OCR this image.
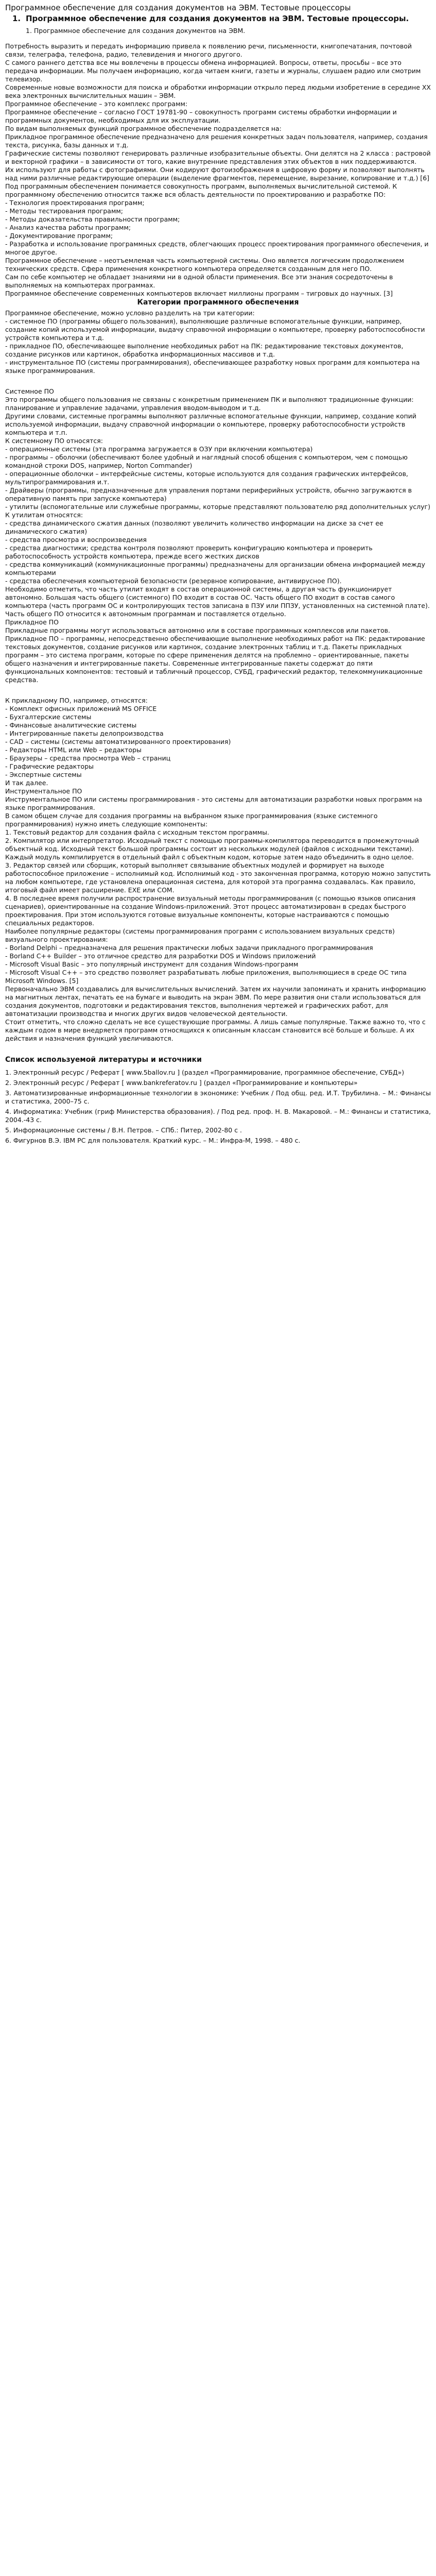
Программное обеспечение для создания документов на ЭВМ. Тестовые процессоры
1. Программное обеспечение для создания документов на ЭВМ. Тестовые процессоры.
1. Программное обеспечение для создания документов на ЭВМ.
Потребность выразить и передать информацию привела к появлению речи, письменности, книгопечатания, почтовой связи, телеграфа, телефона, радио, телевидения и многого другого.
С самого раннего детства все мы вовлечены в процессы обмена информацией. Вопросы, ответы, просьбы – все это передача информации. Мы получаем информацию, когда читаем книги, газеты и журналы, слушаем радио или смотрим телевизор.
Современные новые возможности для поиска и обработки информации открыло перед людьми изобретение в середине XX века электронных вычислительных машин – ЭВМ.
Программное обеспечение – это комплекс программ:
Программное обеспечение – согласно ГОСТ 19781-90 – совокупность программ системы обработки информации и программных документов, необходимых для их эксплуатации.
По видам выполняемых функций программное обеспечение подразделяется на:
Прикладное программное обеспечение предназначено для решения конкретных задач пользователя, например, создания текста, рисунка, базы данных и т.д.
Графические системы позволяют генерировать различные изобразительные объекты. Они делятся на 2 класса : растровой и векторной графики – в зависимости от того, какие внутренние представления этих объектов в них поддерживаются.
Их используют для работы с фотографиями. Они кодируют фотоизображения в цифровую форму и позволяют выполнять над ними различные редактирующие операции (выделение фрагментов, перемещение, вырезание, копирование и т.д.) [6]
Под программным обеспечением понимается совокупность программ, выполняемых вычислительной системой. К программному обеспечению относится также вся область деятельности по проектированию и разработке ПО:
- Технология проектирования программ;
- Методы тестирования программ;
- Методы доказательства правильности программ;
- Анализ качества работы программ;
- Документирование программ;
- Разработка и использование программных средств, облегчающих процесс проектирования программного обеспечения, и многое другое.
Программное обеспечение – неотъемлемая часть компьютерной системы. Оно является логическим продолжением технических средств. Сфера применения конкретного компьютера определяется созданным для него ПО.
Сам по себе компьютер не обладает знаниями ни в одной области применения. Все эти знания сосредоточены в выполняемых на компьютерах программах.
Программное обеспечение современных компьютеров включает миллионы программ – тигровых до научных. [3]
Категории программного обеспечения
Программное обеспечение, можно условно разделить на три категории:
- системное ПО (программы общего пользования), выполняющие различные вспомогательные функции, например, создание копий используемой информации, выдачу справочной информации о компьютере, проверку работоспособности устройств компьютера и т.д.
- прикладное ПО, обеспечивающее выполнение необходимых работ на ПК: редактирование текстовых документов, создание рисунков или картинок, обработка информационных массивов и т.д.
- инструментальное ПО (системы программирования), обеспечивающее разработку новых программ для компьютера на языке программирования.
Системное ПО
Это программы общего пользования не связаны с конкретным применением ПК и выполняют традиционные функции: планирование и управление задачами, управления вводом-выводом и т.д.
Другими словами, системные программы выполняют различные вспомогательные функции, например, создание копий используемой информации, выдачу справочной информации о компьютере, проверку работоспособности устройств компьютера и т.п.
К системному ПО относятся:
- операционные системы (эта программа загружается в ОЗУ при включении компьютера)
- программы – оболочки (обеспечивают более удобный и наглядный способ общения с компьютером, чем с помощью командной строки DOS, например, Norton Commander)
- операционные оболочки – интерфейсные системы, которые используются для создания графических интерфейсов, мультипрограммирования и.т.
- Драйверы (программы, предназначенные для управления портами периферийных устройств, обычно загружаются в оперативную память при запуске компьютера)
- утилиты (вспомогательные или служебные программы, которые представляют пользователю ряд дополнительных услуг)
К утилитам относятся:
- средства динамического сжатия данных (позволяют увеличить количество информации на диске за счет ее динамического сжатия)
- средства просмотра и воспроизведения
- средства диагностики; средства контроля позволяют проверить конфигурацию компьютера и проверить работоспособность устройств компьютера, прежде всего жестких дисков
- средства коммуникаций (коммуникационные программы) предназначены для организации обмена информацией между компьютерами
- средства обеспечения компьютерной безопасности (резервное копирование, антивирусное ПО).
Необходимо отметить, что часть утилит входят в состав операционной системы, а другая часть функционирует автономно. Большая часть общего (системного) ПО входит в состав ОС. Часть общего ПО входит в состав самого компьютера (часть программ ОС и контролирующих тестов записана в ПЗУ или ППЗУ, установленных на системной плате). Часть общего ПО относится к автономным программам и поставляется отдельно.
Прикладное ПО
Прикладные программы могут использоваться автономно или в составе программных комплексов или пакетов. Прикладное ПО – программы, непосредственно обеспечивающие выполнение необходимых работ на ПК: редактирование текстовых документов, создание рисунков или картинок, создание электронных таблиц и т.д. Пакеты прикладных программ – это система программ, которые по сфере применения делятся на проблемно – ориентированные, пакеты общего назначения и интегрированные пакеты. Современные интегрированные пакеты содержат до пяти функциональных компонентов: тестовый и табличный процессор, СУБД, графический редактор, телекоммуникационные средства.
К прикладному ПО, например, относятся:
- Комплект офисных приложений MS OFFICE
- Бухгалтерские системы
- Финансовые аналитические системы
- Интегрированные пакеты делопроизводства
- CAD – системы (системы автоматизированного проектирования)
- Редакторы HTML или Web – редакторы
- Браузеры – средства просмотра Web – страниц
- Графические редакторы
- Экспертные системы
И так далее.
Инструментальное ПО
Инструментальное ПО или системы программирования - это системы для автоматизации разработки новых программ на языке программирования.
В самом общем случае для создания программы на выбранном языке программирования (языке системного программирования) нужно иметь следующие компоненты:
1. Текстовый редактор для создания файла с исходным текстом программы.
2. Компилятор или интерпретатор. Исходный текст с помощью программы-компилятора переводится в промежуточный объектный код. Исходный текст большой программы состоит из нескольких модулей (файлов с исходными текстами). Каждый модуль компилируется в отдельный файл с объектным кодом, которые затем надо объединить в одно целое.
3. Редактор связей или сборщик, который выполняет связывание объектных модулей и формирует на выходе работоспособное приложение – исполнимый код. Исполнимый код - это законченная программа, которую можно запустить на любом компьютере, где установлена операционная система, для которой эта программа создавалась. Как правило, итоговый файл имеет расширение. EXE или COM.
4. В последнее время получили распространение визуальный методы программирования (с помощью языков описания сценариев), ориентированные на создание Windows-приложений. Этот процесс автоматизирован в средах быстрого проектирования. При этом используются готовые визуальные компоненты, которые настраиваются с помощью специальных редакторов.
Наиболее популярные редакторы (системы программирования программ с использованием визуальных средств) визуального проектирования:
- Borland Delphi – предназначена для решения практически любых задачи прикладного программирования
- Borland C++ Builder – это отличное средство для разработки DOS и Windows приложений
- Microsoft Visual Basic – это популярный инструмент для создания Windows-программ
- Microsoft Visual C++ – это средство позволяет разрабатывать любые приложения, выполняющиеся в среде ОС типа Microsoft Windows. [5]
Первоначально ЭВМ создавались для вычислительных вычислений. Затем их научили запоминать и хранить информацию на магнитных лентах, печатать ее на бумаге и выводить на экран ЭВМ. По мере развития они стали использоваться для создания документов, подготовки и редактирования текстов, выполнения чертежей и графических работ, для автоматизации производства и многих других видов человеческой деятельности.
Стоит отметить, что сложно сделать не все существующие программы. А лишь самые популярные. Также важно то, что с каждым годом в мире внедряется программ относящихся к описанным классам становится всё больше и больше. А их действия и назначения функций увеличиваются.
Список используемой литературы и источники
1. Электронный ресурс / Реферат [ www.5ballov.ru ] (раздел «Программирование, программное обеспечение, СУБД»)
2. Электронный ресурс / Реферат [ www.bankreferatov.ru ] (раздел «Программирование и компьютеры»
3. Автоматизированные информационные технологии в экономике: Учебник / Под общ. ред. И.Т. Трубилина. – М.: Финансы и статистика, 2000–75 с.
4. Информатика: Учебник (гриф Министерства образования). / Под ред. проф. Н. В. Макаровой. – М.: Финансы и статистика, 2004.-43 с.
5. Информационные системы / В.Н. Петров. – СПб.: Питер, 2002-80 с .
6. Фигурнов В.Э. IBM PC для пользователя. Краткий курс. – М.: Инфра-М, 1998. – 480 с.
